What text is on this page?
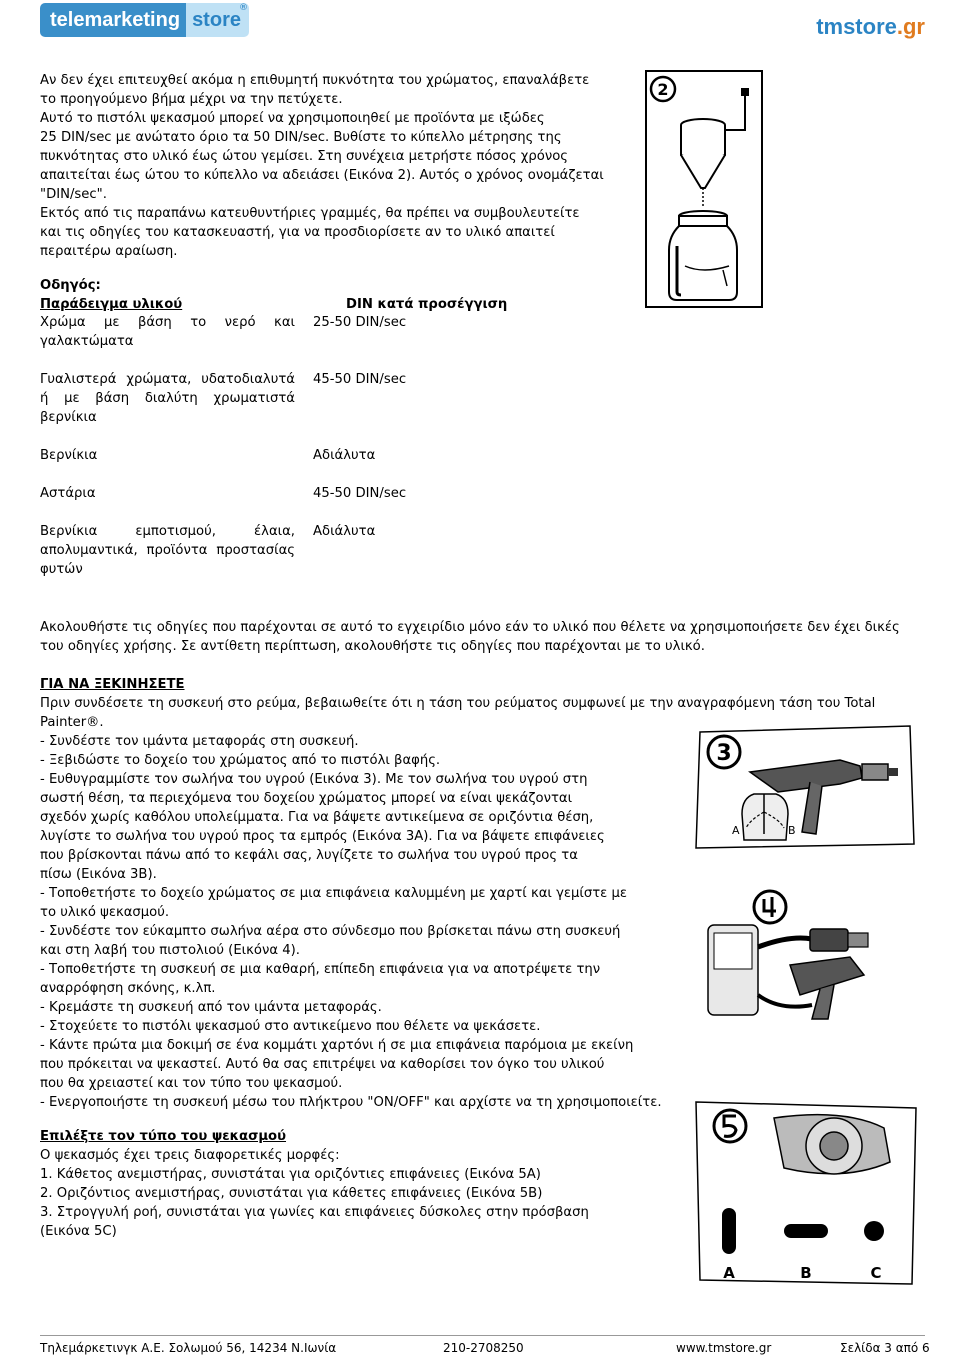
telemarketing store
®
tmstore.gr
Αν δεν έχει επιτευχθεί ακόμα η επιθυμητή πυκνότητα του χρώματος, επαναλάβετε
το προηγούμενο βήμα μέχρι να την πετύχετε.
Αυτό το πιστόλι ψεκασμού μπορεί να χρησιμοποιηθεί με προϊόντα με ιξώδες
25 DIN/sec με ανώτατο όριο τα 50 DIN/sec. Βυθίστε το κύπελλο μέτρησης της
πυκνότητας στο υλικό έως ώτου γεμίσει. Στη συνέχεια μετρήστε πόσος χρόνος
απαιτείται έως ώτου το κύπελλο να αδειάσει (Εικόνα 2). Αυτός ο χρόνος ονομάζεται
"DIN/sec".
Εκτός από τις παραπάνω κατευθυντήριες γραμμές, θα πρέπει να συμβουλευτείτε
και τις οδηγίες του κατασκευαστή, για να προσδιορίσετε αν το υλικό απαιτεί
περαιτέρω αραίωση.
2
Οδηγός:
Παράδειγμα υλικού	DIN κατά προσέγγιση
Χρώμα με βάση το νερό και γαλακτώματα	25-50 DIN/sec
Γυαλιστερά χρώματα, υδατοδιαλυτά ή με βάση διαλύτη χρωματιστά βερνίκια	45-50 DIN/sec
Βερνίκια	Αδιάλυτα
Αστάρια	45-50 DIN/sec
Βερνίκια εμποτισμού, έλαια, απολυμαντικά, προϊόντα προστασίας φυτών	Αδιάλυτα
Ακολουθήστε τις οδηγίες που παρέχονται σε αυτό το εγχειρίδιο μόνο εάν το υλικό που θέλετε να χρησιμοποιήσετε δεν έχει δικές
του οδηγίες χρήσης. Σε αντίθετη περίπτωση, ακολουθήστε τις οδηγίες που παρέχονται με το υλικό.
ΓΙΑ ΝΑ ΞΕΚΙΝΗΣΕΤΕ
Πριν συνδέσετε τη συσκευή στο ρεύμα, βεβαιωθείτε ότι η τάση του ρεύματος συμφωνεί με την αναγραφόμενη τάση του Total
Painter®.
- Συνδέστε τον ιμάντα μεταφοράς στη συσκευή.
- Ξεβιδώστε το δοχείο του χρώματος από το πιστόλι βαφής.
- Ευθυγραμμίστε τον σωλήνα του υγρού (Εικόνα 3). Με τον σωλήνα του υγρού στη
σωστή θέση, τα περιεχόμενα του δοχείου χρώματος μπορεί να είναι ψεκάζονται
σχεδόν χωρίς καθόλου υπολείμματα. Για να βάψετε αντικείμενα σε οριζόντια θέση,
λυγίστε το σωλήνα του υγρού προς τα εμπρός (Εικόνα 3A). Για να βάψετε επιφάνειες
που βρίσκονται πάνω από το κεφάλι σας, λυγίζετε το σωλήνα του υγρού προς τα
πίσω (Εικόνα 3B).
- Τοποθετήστε το δοχείο χρώματος σε μια επιφάνεια καλυμμένη με χαρτί και γεμίστε με
το υλικό ψεκασμού.
- Συνδέστε τον εύκαμπτο σωλήνα αέρα στο σύνδεσμο που βρίσκεται πάνω στη συσκευή
και στη λαβή του πιστολιού (Εικόνα 4).
- Τοποθετήστε τη συσκευή σε μια καθαρή, επίπεδη επιφάνεια για να αποτρέψετε την
αναρρόφηση σκόνης, κ.λπ.
- Κρεμάστε τη συσκευή από τον ιμάντα μεταφοράς.
- Στοχεύετε το πιστόλι ψεκασμού στο αντικείμενο που θέλετε να ψεκάσετε.
- Κάντε πρώτα μια δοκιμή σε ένα κομμάτι χαρτόνι ή σε μια επιφάνεια παρόμοια με εκείνη
που πρόκειται να ψεκαστεί. Αυτό θα σας επιτρέψει να καθορίσει τον όγκο του υλικού
που θα χρειαστεί και τον τύπο του ψεκασμού.
- Ενεργοποιήστε τη συσκευή μέσω του πλήκτρου "ON/OFF" και αρχίστε να τη χρησιμοποιείτε.
3
A	B
Επιλέξτε τον τύπο του ψεκασμού
Ο ψεκασμός έχει τρεις διαφορετικές μορφές:
1. Κάθετος ανεμιστήρας, συνιστάται για οριζόντιες επιφάνειες (Εικόνα 5A)
2. Οριζόντιος ανεμιστήρας, συνιστάται για κάθετες επιφάνειες (Εικόνα 5B)
3. Στρογγυλή ροή, συνιστάται για γωνίες και επιφάνειες δύσκολες στην πρόσβαση
(Εικόνα 5C)
A	B	C
Τηλεμάρκετινγκ Α.Ε. Σολωμού 56, 14234 Ν.Ιωνία	210-2708250	www.tmstore.gr	Σελίδα 3 από 6
